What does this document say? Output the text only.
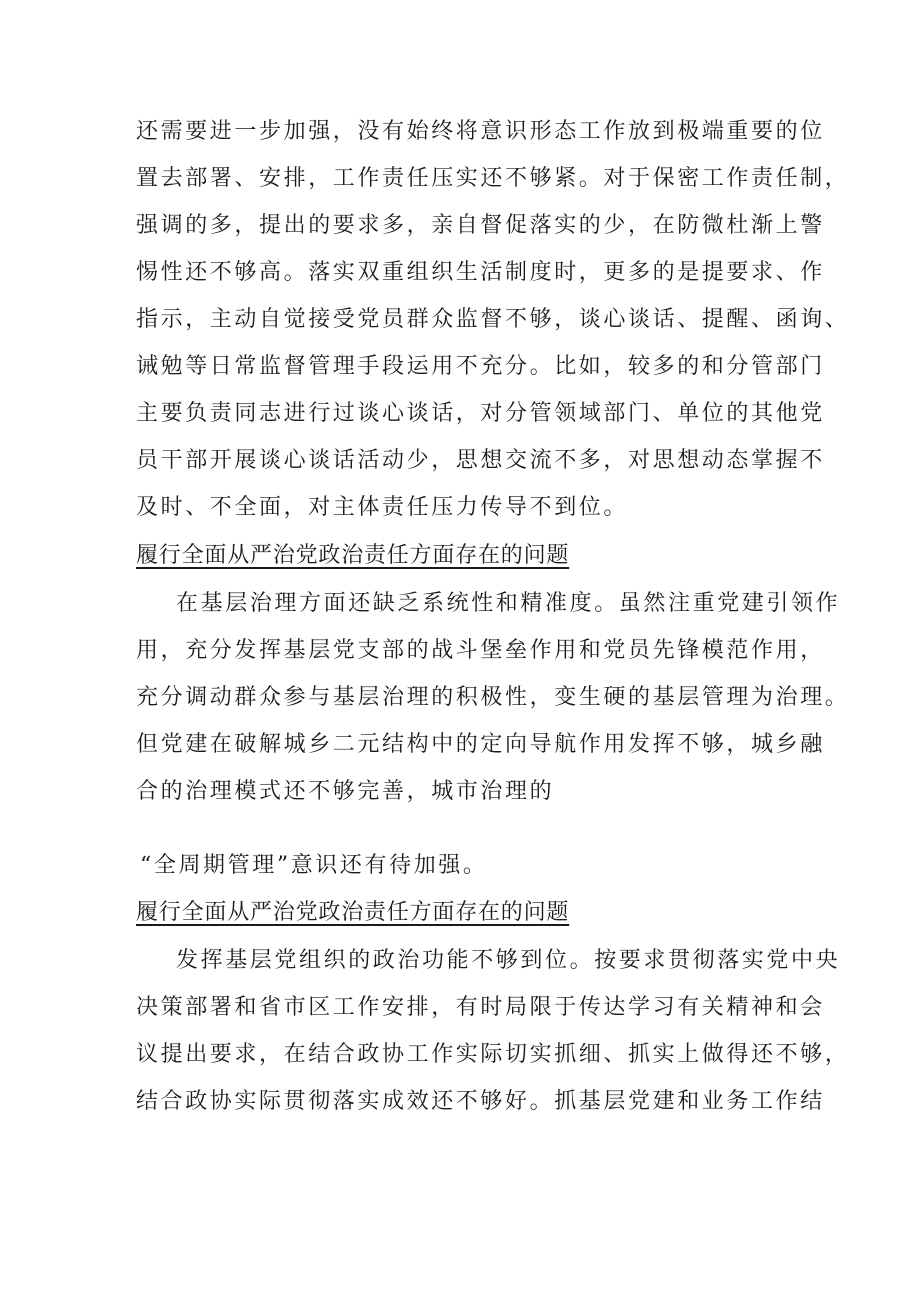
还需要进一步加强，没有始终将意识形态工作放到极端重要的位
置去部署、安排，工作责任压实还不够紧。对于保密工作责任制，
强调的多，提出的要求多，亲自督促落实的少，在防微杜渐上警
惕性还不够高。落实双重组织生活制度时，更多的是提要求、作
指示，主动自觉接受党员群众监督不够，谈心谈话、提醒、函询、
诫勉等日常监督管理手段运用不充分。比如，较多的和分管部门
主要负责同志进行过谈心谈话，对分管领域部门、单位的其他党
员干部开展谈心谈话活动少，思想交流不多，对思想动态掌握不
及时、不全面，对主体责任压力传导不到位。
履行全面从严治党政治责任方面存在的问题
在基层治理方面还缺乏系统性和精准度。虽然注重党建引领作
用，充分发挥基层党支部的战斗堡垒作用和党员先锋模范作用，
充分调动群众参与基层治理的积极性，变生硬的基层管理为治理。
但党建在破解城乡二元结构中的定向导航作用发挥不够，城乡融
合的治理模式还不够完善，城市治理的
“全周期管理”意识还有待加强。
履行全面从严治党政治责任方面存在的问题
发挥基层党组织的政治功能不够到位。按要求贯彻落实党中央
决策部署和省市区工作安排，有时局限于传达学习有关精神和会
议提出要求，在结合政协工作实际切实抓细、抓实上做得还不够，
结合政协实际贯彻落实成效还不够好。抓基层党建和业务工作结
